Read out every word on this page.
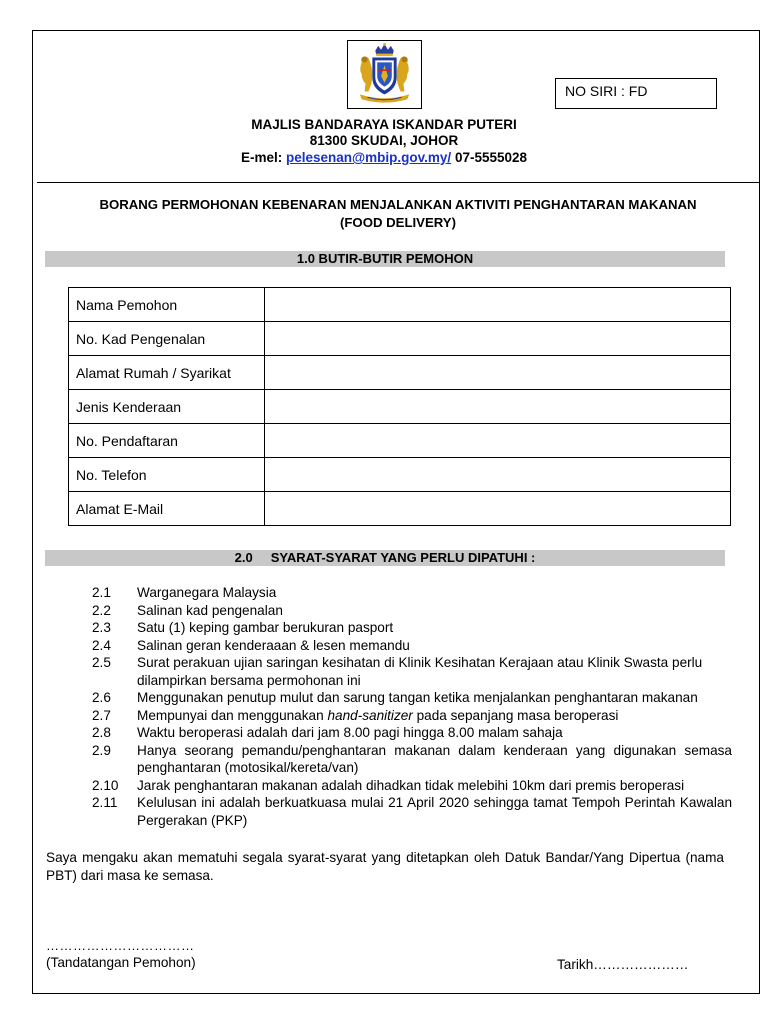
NO SIRI : FD
MAJLIS BANDARAYA ISKANDAR PUTERI
81300 SKUDAI, JOHOR
E-mel: pelesenan@mbip.gov.my/ 07-5555028
BORANG PERMOHONAN KEBENARAN MENJALANKAN AKTIVITI PENGHANTARAN MAKANAN
(FOOD DELIVERY)
1.0 BUTIR-BUTIR PEMOHON
Nama Pemohon	
No. Kad Pengenalan	
Alamat Rumah / Syarikat	
Jenis Kenderaan	
No. Pendaftaran	
No. Telefon	
Alamat E-Mail	
2.0     SYARAT-SYARAT YANG PERLU DIPATUHI :
2.1	Warganegara Malaysia
2.2	Salinan kad pengenalan
2.3	Satu (1) keping gambar berukuran pasport
2.4	Salinan geran kenderaaan & lesen memandu
2.5	Surat perakuan ujian saringan kesihatan di Klinik Kesihatan Kerajaan atau Klinik Swasta perlu dilampirkan bersama permohonan ini
2.6	Menggunakan penutup mulut dan sarung tangan ketika menjalankan penghantaran makanan
2.7	Mempunyai dan menggunakan hand-sanitizer pada sepanjang masa beroperasi
2.8	Waktu beroperasi adalah dari jam 8.00 pagi hingga 8.00 malam sahaja
2.9	Hanya seorang pemandu/penghantaran makanan dalam kenderaan yang digunakan semasa penghantaran (motosikal/kereta/van)
2.10	Jarak penghantaran makanan adalah dihadkan tidak melebihi 10km dari premis beroperasi
2.11	Kelulusan ini adalah berkuatkuasa mulai 21 April 2020 sehingga tamat Tempoh Perintah Kawalan Pergerakan (PKP)
Saya mengaku akan mematuhi segala syarat-syarat yang ditetapkan oleh Datuk Bandar/Yang Dipertua (nama PBT) dari masa ke semasa.
……………………………
(Tandatangan Pemohon)	Tarikh…………………
